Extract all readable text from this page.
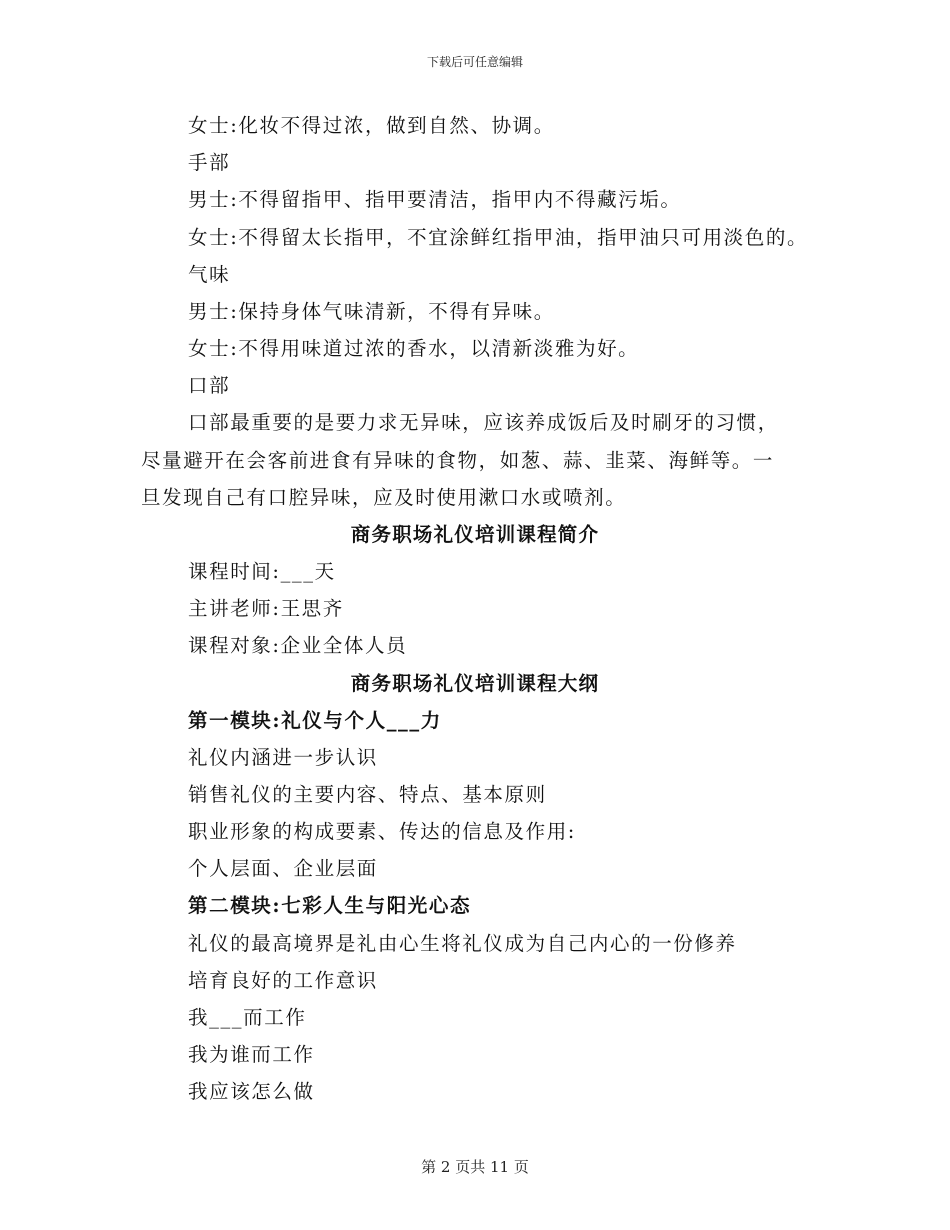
下载后可任意编辑
女士:化妆不得过浓，做到自然、协调。
手部
男士:不得留指甲、指甲要清洁，指甲内不得藏污垢。
女士:不得留太长指甲，不宜涂鲜红指甲油，指甲油只可用淡色的。
气味
男士:保持身体气味清新，不得有异味。
女士:不得用味道过浓的香水，以清新淡雅为好。
口部
口部最重要的是要力求无异味，应该养成饭后及时刷牙的习惯，
尽量避开在会客前进食有异味的食物，如葱、蒜、韭菜、海鲜等。一
旦发现自己有口腔异味，应及时使用漱口水或喷剂。
商务职场礼仪培训课程简介
课程时间:___天
主讲老师:王思齐
课程对象:企业全体人员
商务职场礼仪培训课程大纲
第一模块:礼仪与个人___力
礼仪内涵进一步认识
销售礼仪的主要内容、特点、基本原则
职业形象的构成要素、传达的信息及作用:
个人层面、企业层面
第二模块:七彩人生与阳光心态
礼仪的最高境界是礼由心生将礼仪成为自己内心的一份修养
培育良好的工作意识
我___而工作
我为谁而工作
我应该怎么做
第 2 页共 11 页
